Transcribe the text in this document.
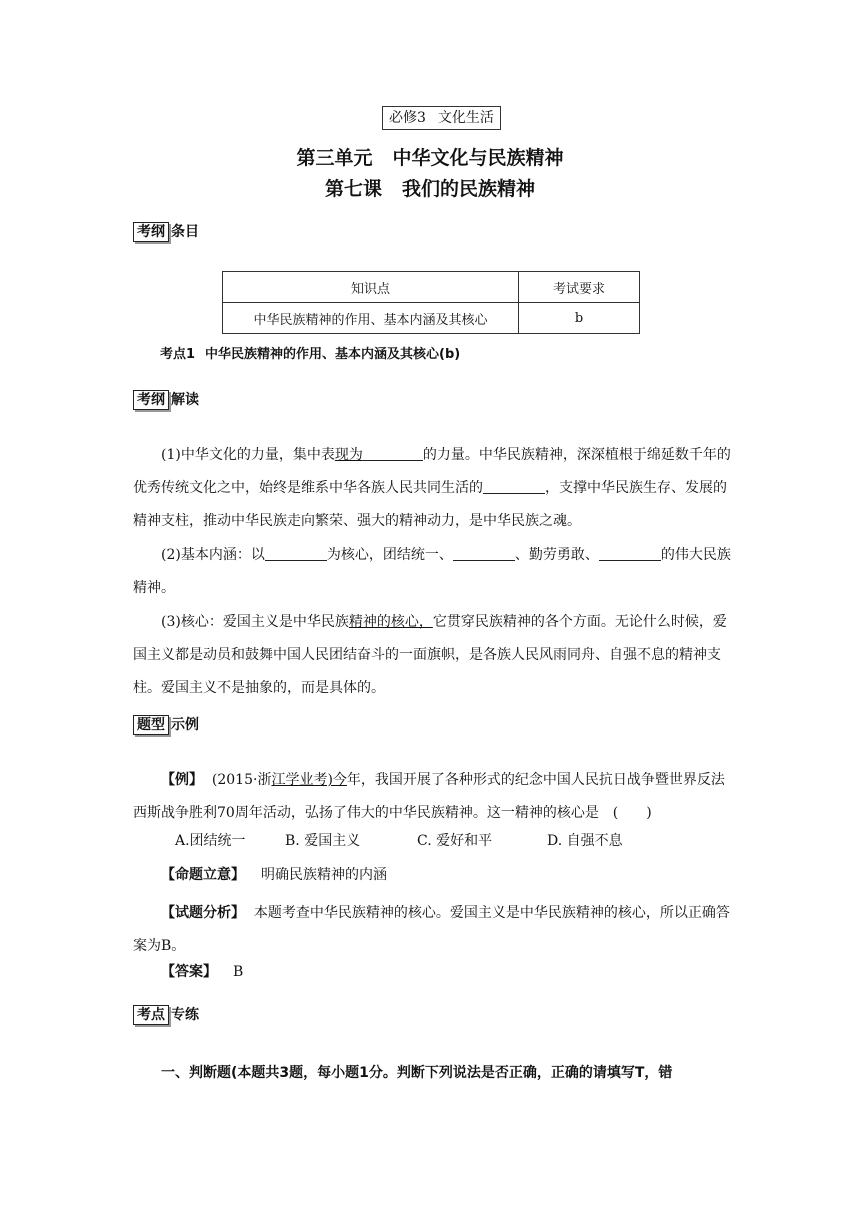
必修3 文化生活
第三单元 中华文化与民族精神
第七课 我们的民族精神
考纲 条目
知识点	考试要求
中华民族精神的作用、基本内涵及其核心	b
考点1 中华民族精神的作用、基本内涵及其核心(b)
考纲 解读

(1)中华文化的力量，集中表现为	的力量。中华民族精神，深深植根于绵延数千年的优秀传统文化之中，始终是维系中华各族人民共同生活的	，支撑中华民族生存、发展的精神支柱，推动中华民族走向繁荣、强大的精神动力，是中华民族之魂。

(2)基本内涵：以	为核心，团结统一、	、勤劳勇敢、	的伟大民族精神。

(3)核心：爱国主义是中华民族精神的核心，它贯穿民族精神的各个方面。无论什么时候，爱国主义都是动员和鼓舞中国人民团结奋斗的一面旗帜，是各族人民风雨同舟、自强不息的精神支柱。爱国主义不是抽象的，而是具体的。

题型 示例

【例】 (2015·浙江学业考)今年，我国开展了各种形式的纪念中国人民抗日战争暨世界反法西斯战争胜利70周年活动，弘扬了伟大的中华民族精神。这一精神的核心是　(　　)

A.团结统一	B. 爱国主义	C. 爱好和平	D. 自强不息
【命题立意】 明确民族精神的内涵

【试题分析】 本题考查中华民族精神的核心。爱国主义是中华民族精神的核心，所以正确答案为B。

【答案】 B
考点 专练
一、判断题(本题共3题，每小题1分。判断下列说法是否正确，正确的请填写T，错
